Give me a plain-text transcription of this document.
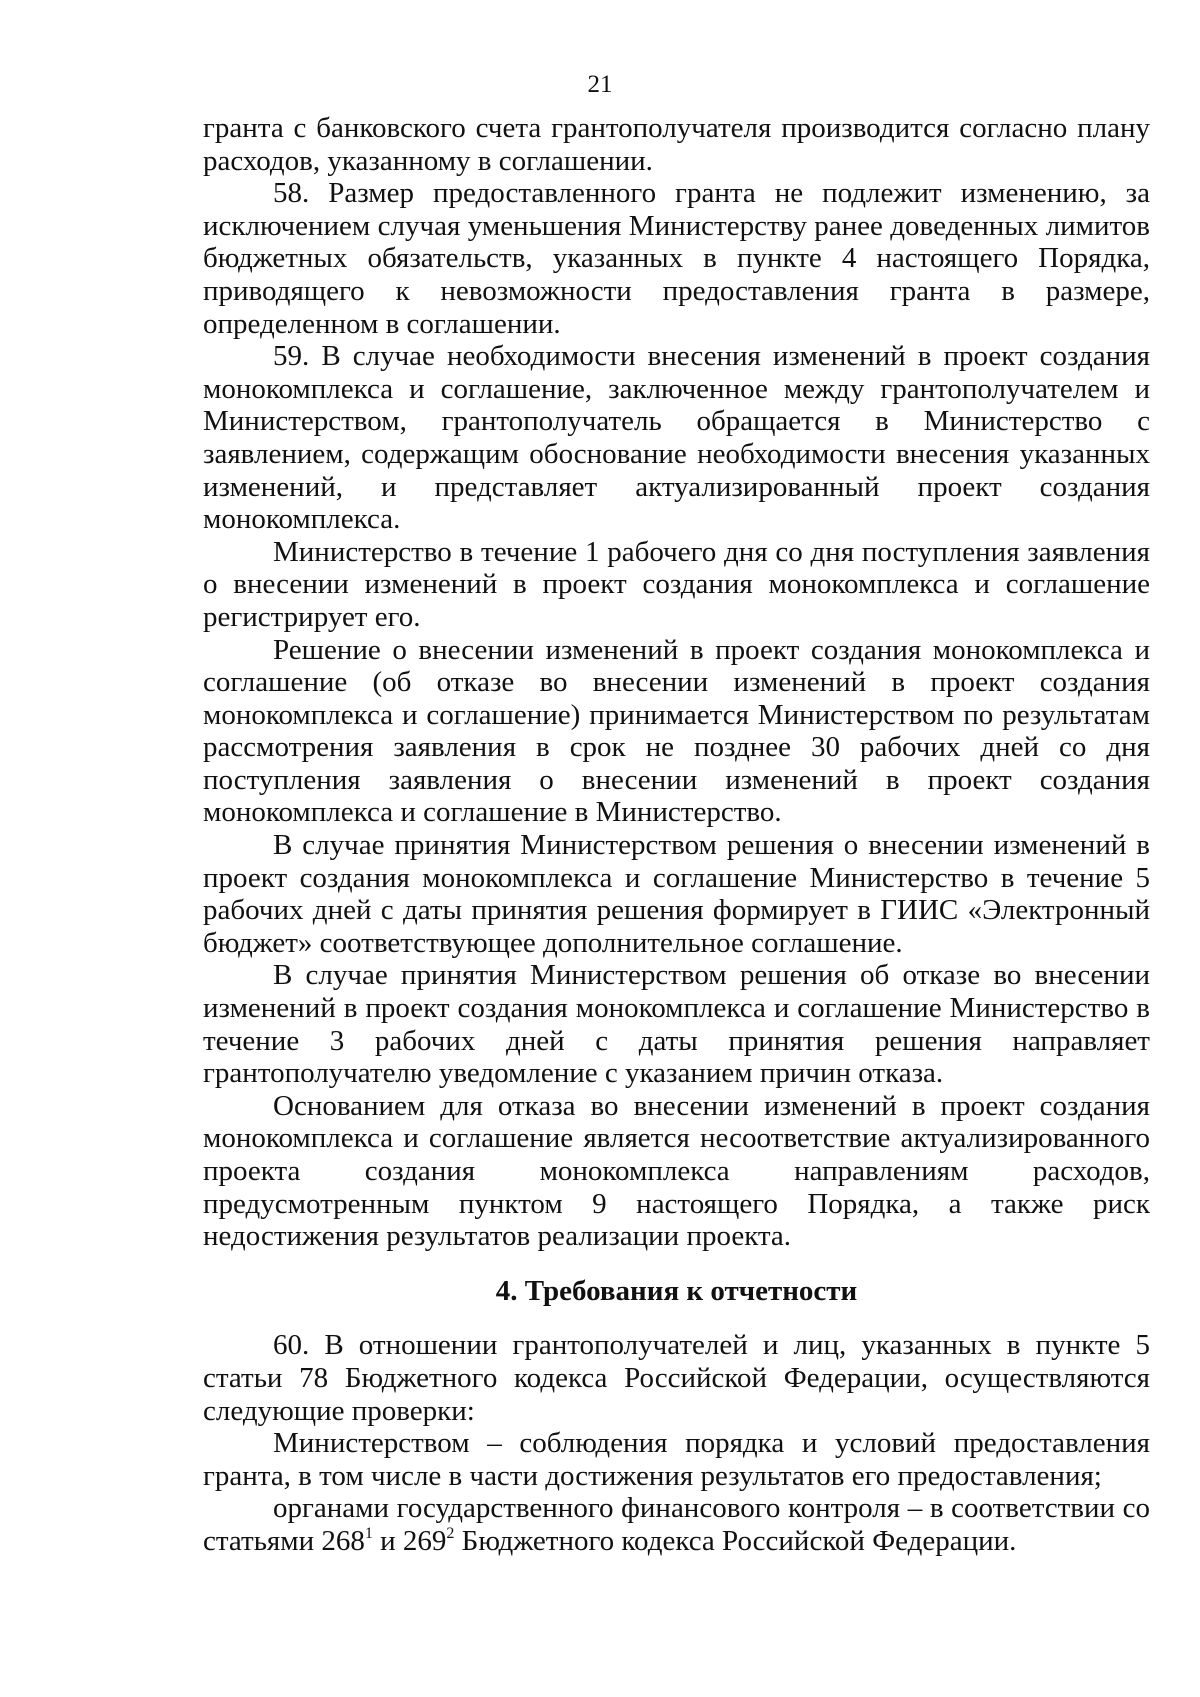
21

гранта с банковского счета грантополучателя производится согласно плану расходов, указанному в соглашении.

58. Размер предоставленного гранта не подлежит изменению, за исключением случая уменьшения Министерству ранее доведенных лимитов бюджетных обязательств, указанных в пункте 4 настоящего Порядка, приводящего к невозможности предоставления гранта в размере, определенном в соглашении.

59. В случае необходимости внесения изменений в проект создания монокомплекса и соглашение, заключенное между грантополучателем и Министерством, грантополучатель обращается в Министерство с заявлением, содержащим обоснование необходимости внесения указанных изменений, и представляет актуализированный проект создания монокомплекса.

Министерство в течение 1 рабочего дня со дня поступления заявления о внесении изменений в проект создания монокомплекса и соглашение регистрирует его.

Решение о внесении изменений в проект создания монокомплекса и соглашение (об отказе во внесении изменений в проект создания монокомплекса и соглашение) принимается Министерством по результатам рассмотрения заявления в срок не позднее 30 рабочих дней со дня поступления заявления о внесении изменений в проект создания монокомплекса и соглашение в Министерство.

В случае принятия Министерством решения о внесении изменений в проект создания монокомплекса и соглашение Министерство в течение 5 рабочих дней с даты принятия решения формирует в ГИИС «Электронный бюджет» соответствующее дополнительное соглашение.

В случае принятия Министерством решения об отказе во внесении изменений в проект создания монокомплекса и соглашение Министерство в течение 3 рабочих дней с даты принятия решения направляет грантополучателю уведомление с указанием причин отказа.

Основанием для отказа во внесении изменений в проект создания монокомплекса и соглашение является несоответствие актуализированного проекта создания монокомплекса направлениям расходов, предусмотренным пунктом 9 настоящего Порядка, а также риск недостижения результатов реализации проекта.

4. Требования к отчетности

60. В отношении грантополучателей и лиц, указанных в пункте 5 статьи 78 Бюджетного кодекса Российской Федерации, осуществляются следующие проверки:

Министерством – соблюдения порядка и условий предоставления гранта, в том числе в части достижения результатов его предоставления;

органами государственного финансового контроля – в соответствии со статьями $268^1$ и $269^2$ Бюджетного кодекса Российской Федерации.
